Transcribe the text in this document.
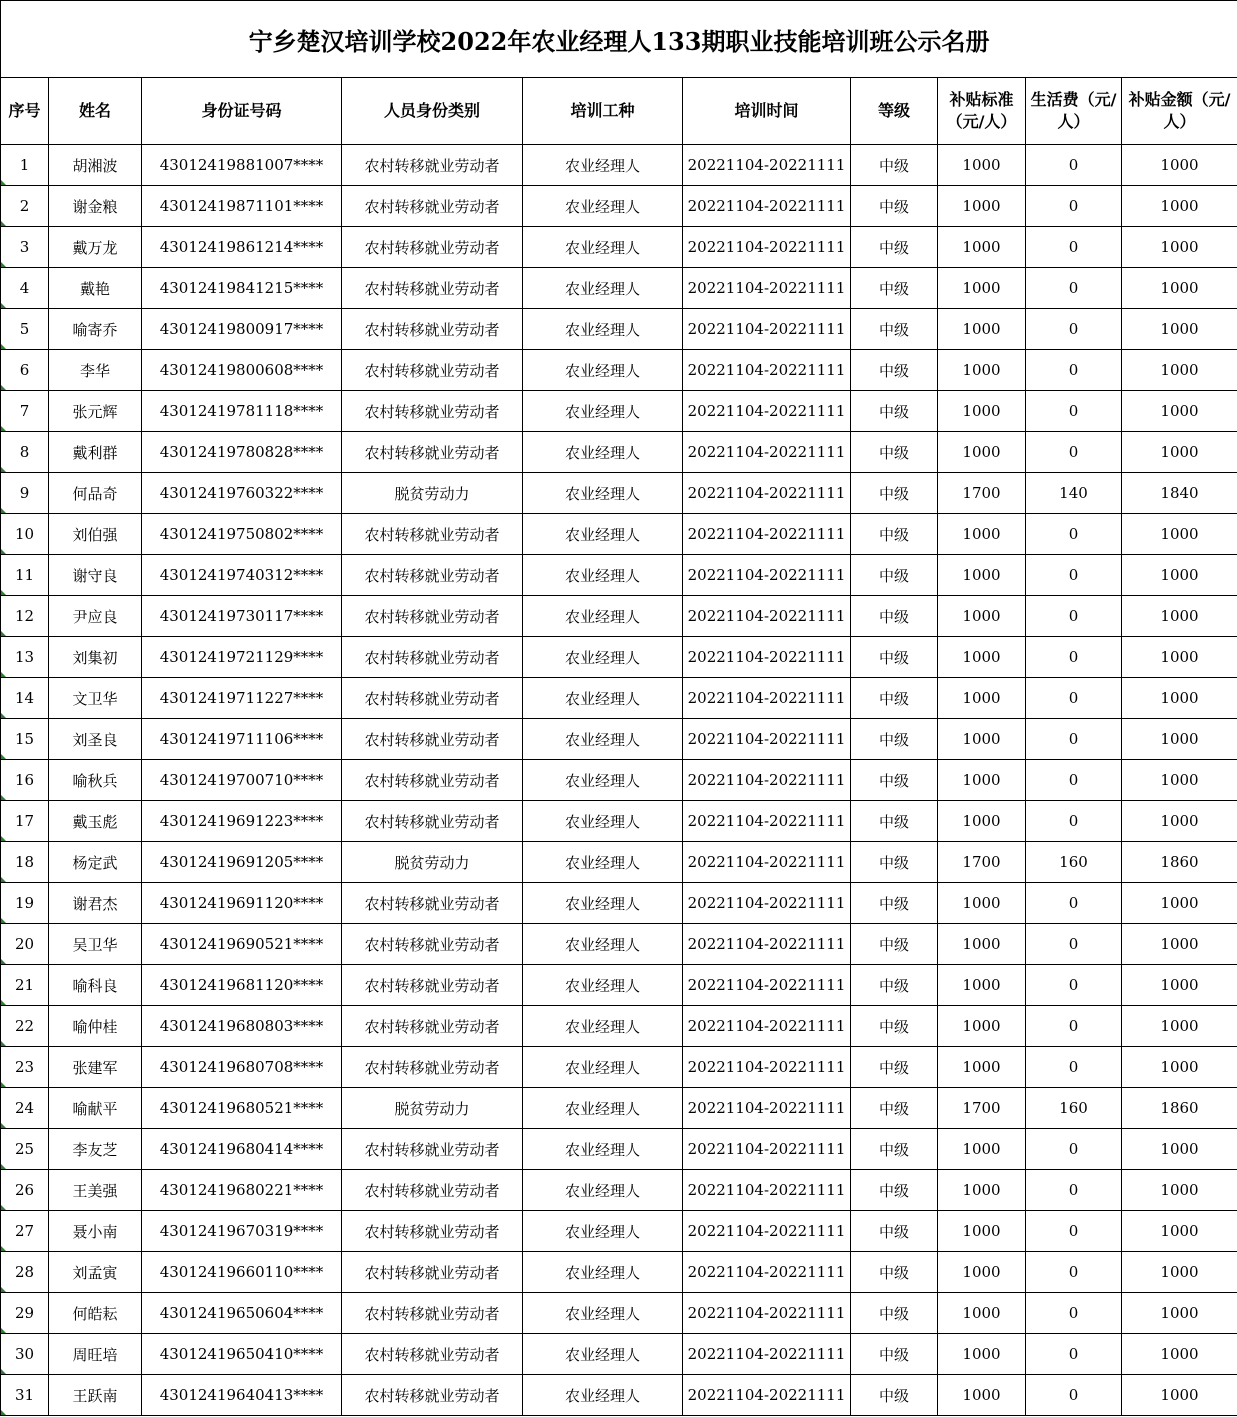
宁乡楚汉培训学校2022年农业经理人133期职业技能培训班公示名册									
序号	姓名	身份证号码	人员身份类别	培训工种	培训时间	等级	补贴标准（元/人）	生活费（元/人）	补贴金额（元/人）
1	胡湘波	43012419881007****	农村转移就业劳动者	农业经理人	20221104-20221111	中级	1000	0	1000
2	谢金粮	43012419871101****	农村转移就业劳动者	农业经理人	20221104-20221111	中级	1000	0	1000
3	戴万龙	43012419861214****	农村转移就业劳动者	农业经理人	20221104-20221111	中级	1000	0	1000
4	戴艳	43012419841215****	农村转移就业劳动者	农业经理人	20221104-20221111	中级	1000	0	1000
5	喻寄乔	43012419800917****	农村转移就业劳动者	农业经理人	20221104-20221111	中级	1000	0	1000
6	李华	43012419800608****	农村转移就业劳动者	农业经理人	20221104-20221111	中级	1000	0	1000
7	张元辉	43012419781118****	农村转移就业劳动者	农业经理人	20221104-20221111	中级	1000	0	1000
8	戴利群	43012419780828****	农村转移就业劳动者	农业经理人	20221104-20221111	中级	1000	0	1000
9	何品奇	43012419760322****	脱贫劳动力	农业经理人	20221104-20221111	中级	1700	140	1840
10	刘伯强	43012419750802****	农村转移就业劳动者	农业经理人	20221104-20221111	中级	1000	0	1000
11	谢守良	43012419740312****	农村转移就业劳动者	农业经理人	20221104-20221111	中级	1000	0	1000
12	尹应良	43012419730117****	农村转移就业劳动者	农业经理人	20221104-20221111	中级	1000	0	1000
13	刘集初	43012419721129****	农村转移就业劳动者	农业经理人	20221104-20221111	中级	1000	0	1000
14	文卫华	43012419711227****	农村转移就业劳动者	农业经理人	20221104-20221111	中级	1000	0	1000
15	刘圣良	43012419711106****	农村转移就业劳动者	农业经理人	20221104-20221111	中级	1000	0	1000
16	喻秋兵	43012419700710****	农村转移就业劳动者	农业经理人	20221104-20221111	中级	1000	0	1000
17	戴玉彪	43012419691223****	农村转移就业劳动者	农业经理人	20221104-20221111	中级	1000	0	1000
18	杨定武	43012419691205****	脱贫劳动力	农业经理人	20221104-20221111	中级	1700	160	1860
19	谢君杰	43012419691120****	农村转移就业劳动者	农业经理人	20221104-20221111	中级	1000	0	1000
20	吴卫华	43012419690521****	农村转移就业劳动者	农业经理人	20221104-20221111	中级	1000	0	1000
21	喻科良	43012419681120****	农村转移就业劳动者	农业经理人	20221104-20221111	中级	1000	0	1000
22	喻仲桂	43012419680803****	农村转移就业劳动者	农业经理人	20221104-20221111	中级	1000	0	1000
23	张建军	43012419680708****	农村转移就业劳动者	农业经理人	20221104-20221111	中级	1000	0	1000
24	喻献平	43012419680521****	脱贫劳动力	农业经理人	20221104-20221111	中级	1700	160	1860
25	李友芝	43012419680414****	农村转移就业劳动者	农业经理人	20221104-20221111	中级	1000	0	1000
26	王美强	43012419680221****	农村转移就业劳动者	农业经理人	20221104-20221111	中级	1000	0	1000
27	聂小南	43012419670319****	农村转移就业劳动者	农业经理人	20221104-20221111	中级	1000	0	1000
28	刘孟寅	43012419660110****	农村转移就业劳动者	农业经理人	20221104-20221111	中级	1000	0	1000
29	何皓耘	43012419650604****	农村转移就业劳动者	农业经理人	20221104-20221111	中级	1000	0	1000
30	周旺培	43012419650410****	农村转移就业劳动者	农业经理人	20221104-20221111	中级	1000	0	1000
31	王跃南	43012419640413****	农村转移就业劳动者	农业经理人	20221104-20221111	中级	1000	0	1000
